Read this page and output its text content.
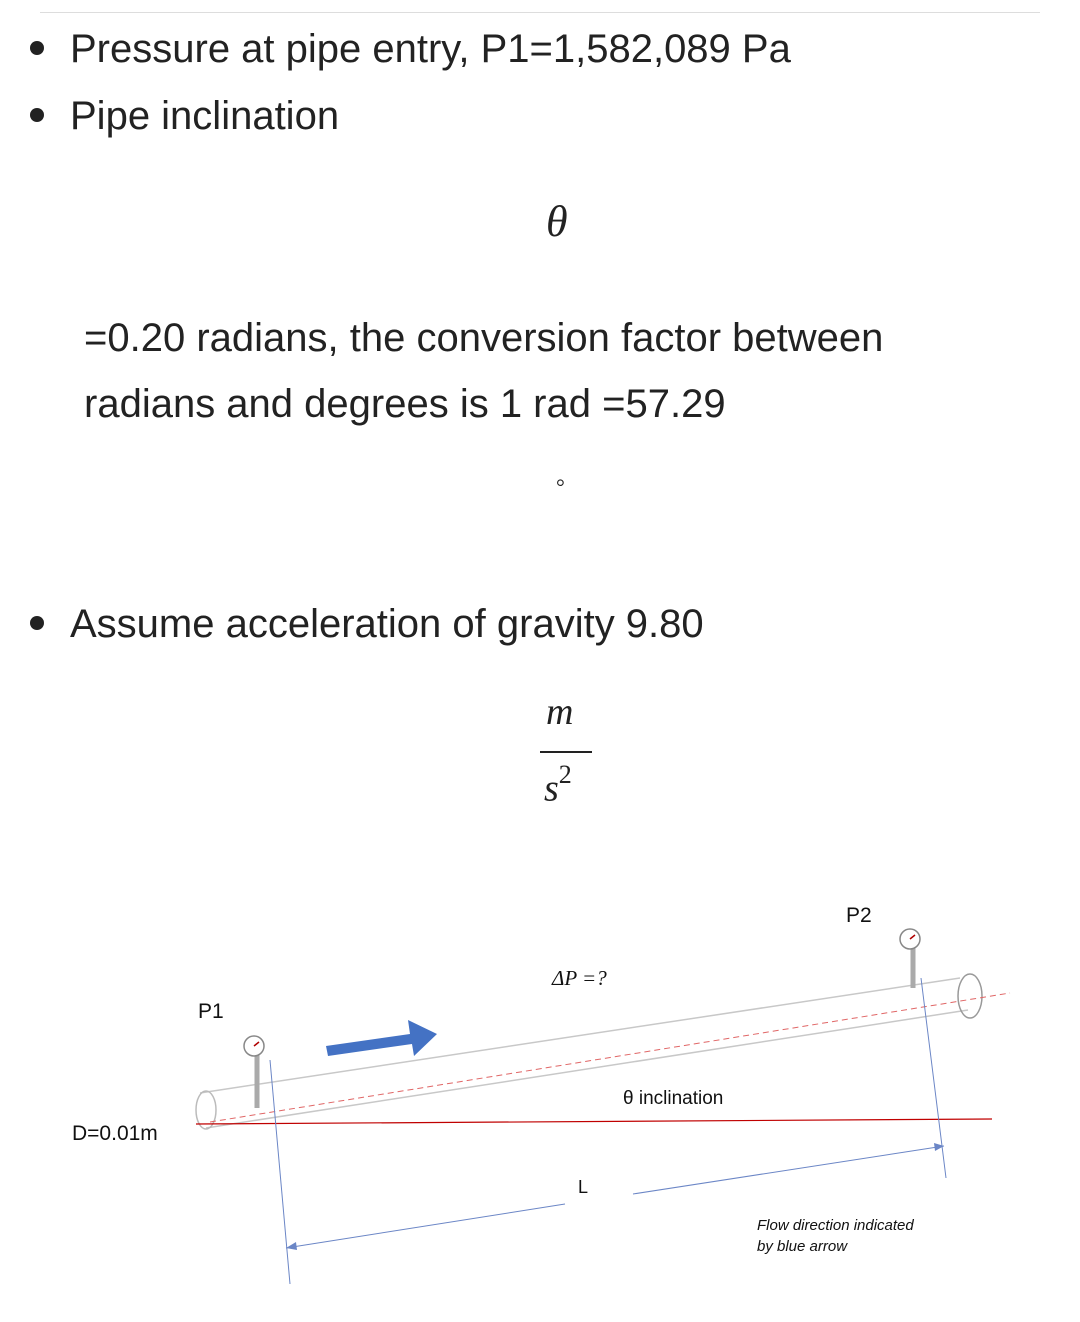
Pressure at pipe entry, P1=1,582,089 Pa
Pipe inclination
θ
=0.20 radians, the conversion factor between
radians and degrees is 1 rad =57.29
°
Assume acceleration of gravity 9.80
m
$s^2$
P1
P2
D=0.01m
ΔP =?
θ inclination
L
Flow direction indicated
by blue arrow
